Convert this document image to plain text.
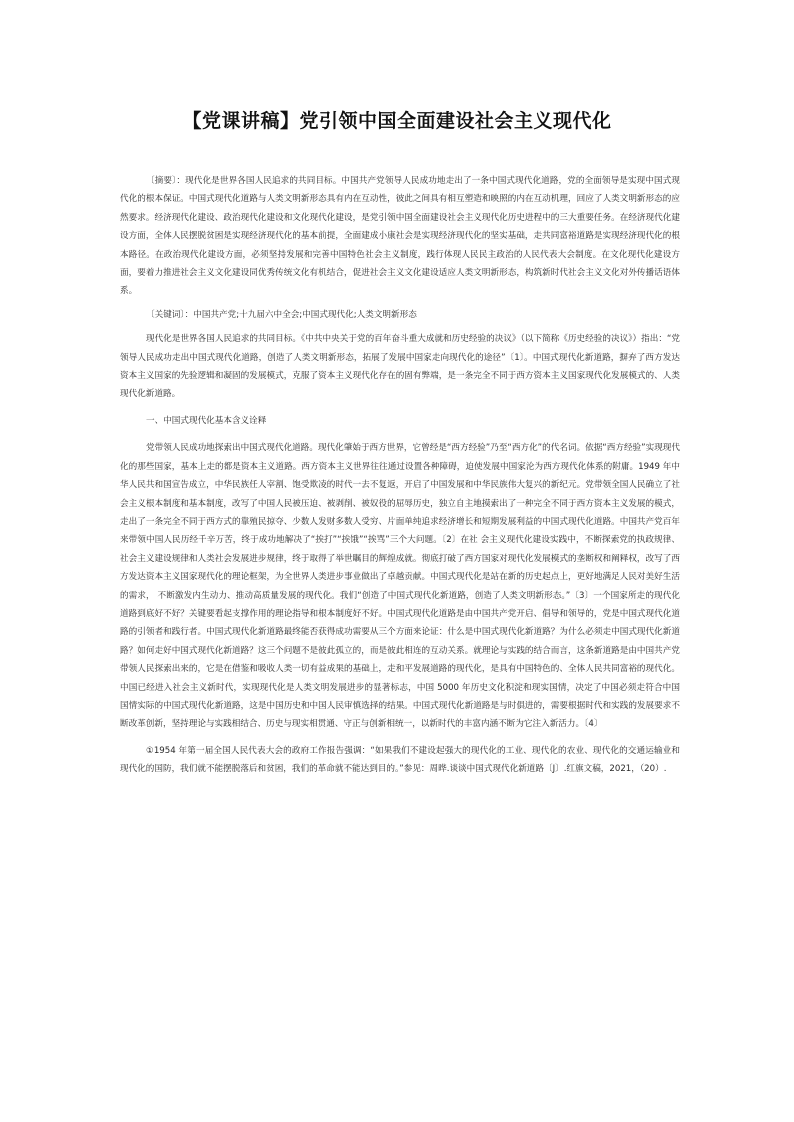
【党课讲稿】党引领中国全面建设社会主义现代化

〔摘要〕：现代化是世界各国人民追求的共同目标。中国共产党领导人民成功地走出了一条中国式现代化道路，党的全面领导是实现中国式现代化的根本保证。中国式现代化道路与人类文明新形态具有内在互动性，彼此之间具有相互塑造和映照的内在互动机理，回应了人类文明新形态的应然要求。经济现代化建设、政治现代化建设和文化现代化建设，是党引领中国全面建设社会主义现代化历史进程中的三大重要任务。在经济现代化建设方面，全体人民摆脱贫困是实现经济现代化的基本前提，全面建成小康社会是实现经济现代化的坚实基础，走共同富裕道路是实现经济现代化的根本路径。在政治现代化建设方面，必须坚持发展和完善中国特色社会主义制度，践行体现人民民主政治的人民代表大会制度。在文化现代化建设方面，要着力推进社会主义文化建设同优秀传统文化有机结合，促进社会主义文化建设适应人类文明新形态，构筑新时代社会主义文化对外传播话语体系。

〔关键词〕：中国共产党;十九届六中全会;中国式现代化;人类文明新形态

现代化是世界各国人民追求的共同目标。《中共中央关于党的百年奋斗重大成就和历史经验的决议》（以下简称《历史经验的决议》）指出：“党领导人民成功走出中国式现代化道路，创造了人类文明新形态，拓展了发展中国家走向现代化的途径”〔1〕。中国式现代化新道路，摒弃了西方发达资本主义国家的先验逻辑和凝固的发展模式，克服了资本主义现代化存在的固有弊端，是一条完全不同于西方资本主义国家现代化发展模式的、人类现代化新道路。

一、中国式现代化基本含义诠释

党带领人民成功地探索出中国式现代化道路。现代化肇始于西方世界，它曾经是“西方经验”乃至“西方化”的代名词。依据“西方经验”实现现代化的那些国家，基本上走的都是资本主义道路。西方资本主义世界往往通过设置各种障碍，迫使发展中国家沦为西方现代化体系的附庸。1949 年中华人民共和国宣告成立，中华民族任人宰割、饱受欺凌的时代一去不复返，开启了中国发展和中华民族伟大复兴的新纪元。党带领全国人民确立了社会主义根本制度和基本制度，改写了中国人民被压迫、被剥削、被奴役的屈辱历史，独立自主地摸索出了一种完全不同于西方资本主义发展的模式，走出了一条完全不同于西方式的靠殖民掠夺、少数人发财多数人受穷、片面单纯追求经济增长和短期发展利益的中国式现代化道路。中国共产党百年来带领中国人民历经千辛万苦，终于成功地解决了“挨打”“挨饿”“挨骂”三个大问题。〔2〕在社 会主义现代化建设实践中，不断探索党的执政规律、社会主义建设规律和人类社会发展进步规律，终于取得了举世瞩目的辉煌成就。彻底打破了西方国家对现代化发展模式的垄断权和阐释权，改写了西方发达资本主义国家现代化的理论框架，为全世界人类进步事业做出了卓越贡献。中国式现代化是站在新的历史起点上，更好地满足人民对美好生活的需求， 不断激发内生动力、推动高质量发展的现代化。我们“创造了中国式现代化新道路，创造了人类文明新形态。”〔3〕一个国家所走的现代化道路到底好不好？关键要看起支撑作用的理论指导和根本制度好不好。中国式现代化道路是由中国共产党开启、倡导和领导的，党是中国式现代化道路的引领者和践行者。中国式现代化新道路最终能否获得成功需要从三个方面来论证：什么是中国式现代化新道路？为什么必须走中国式现代化新道路？如何走好中国式现代化新道路？这三个问题不是彼此孤立的，而是彼此相连的互动关系。就理论与实践的结合而言，这条新道路是由中国共产党带领人民探索出来的，它是在借鉴和吸收人类一切有益成果的基础上，走和平发展道路的现代化，是具有中国特色的、全体人民共同富裕的现代化。中国已经进入社会主义新时代，实现现代化是人类文明发展进步的显著标志，中国 5000 年历史文化积淀和现实国情，决定了中国必须走符合中国国情实际的中国式现代化新道路，这是中国历史和中国人民审慎选择的结果。中国式现代化新道路是与时俱进的，需要根据时代和实践的发展要求不断改革创新，坚持理论与实践相结合、历史与现实相贯通、守正与创新相统一，以新时代的丰富内涵不断为它注入新活力。〔4〕

①1954 年第一届全国人民代表大会的政府工作报告强调：“如果我们不建设起强大的现代化的工业、现代化的农业、现代化的交通运输业和现代化的国防，我们就不能摆脱落后和贫困，我们的革命就不能达到目的。”参见：周晔.谈谈中国式现代化新道路〔J〕.红旗文稿，2021，（20）.
